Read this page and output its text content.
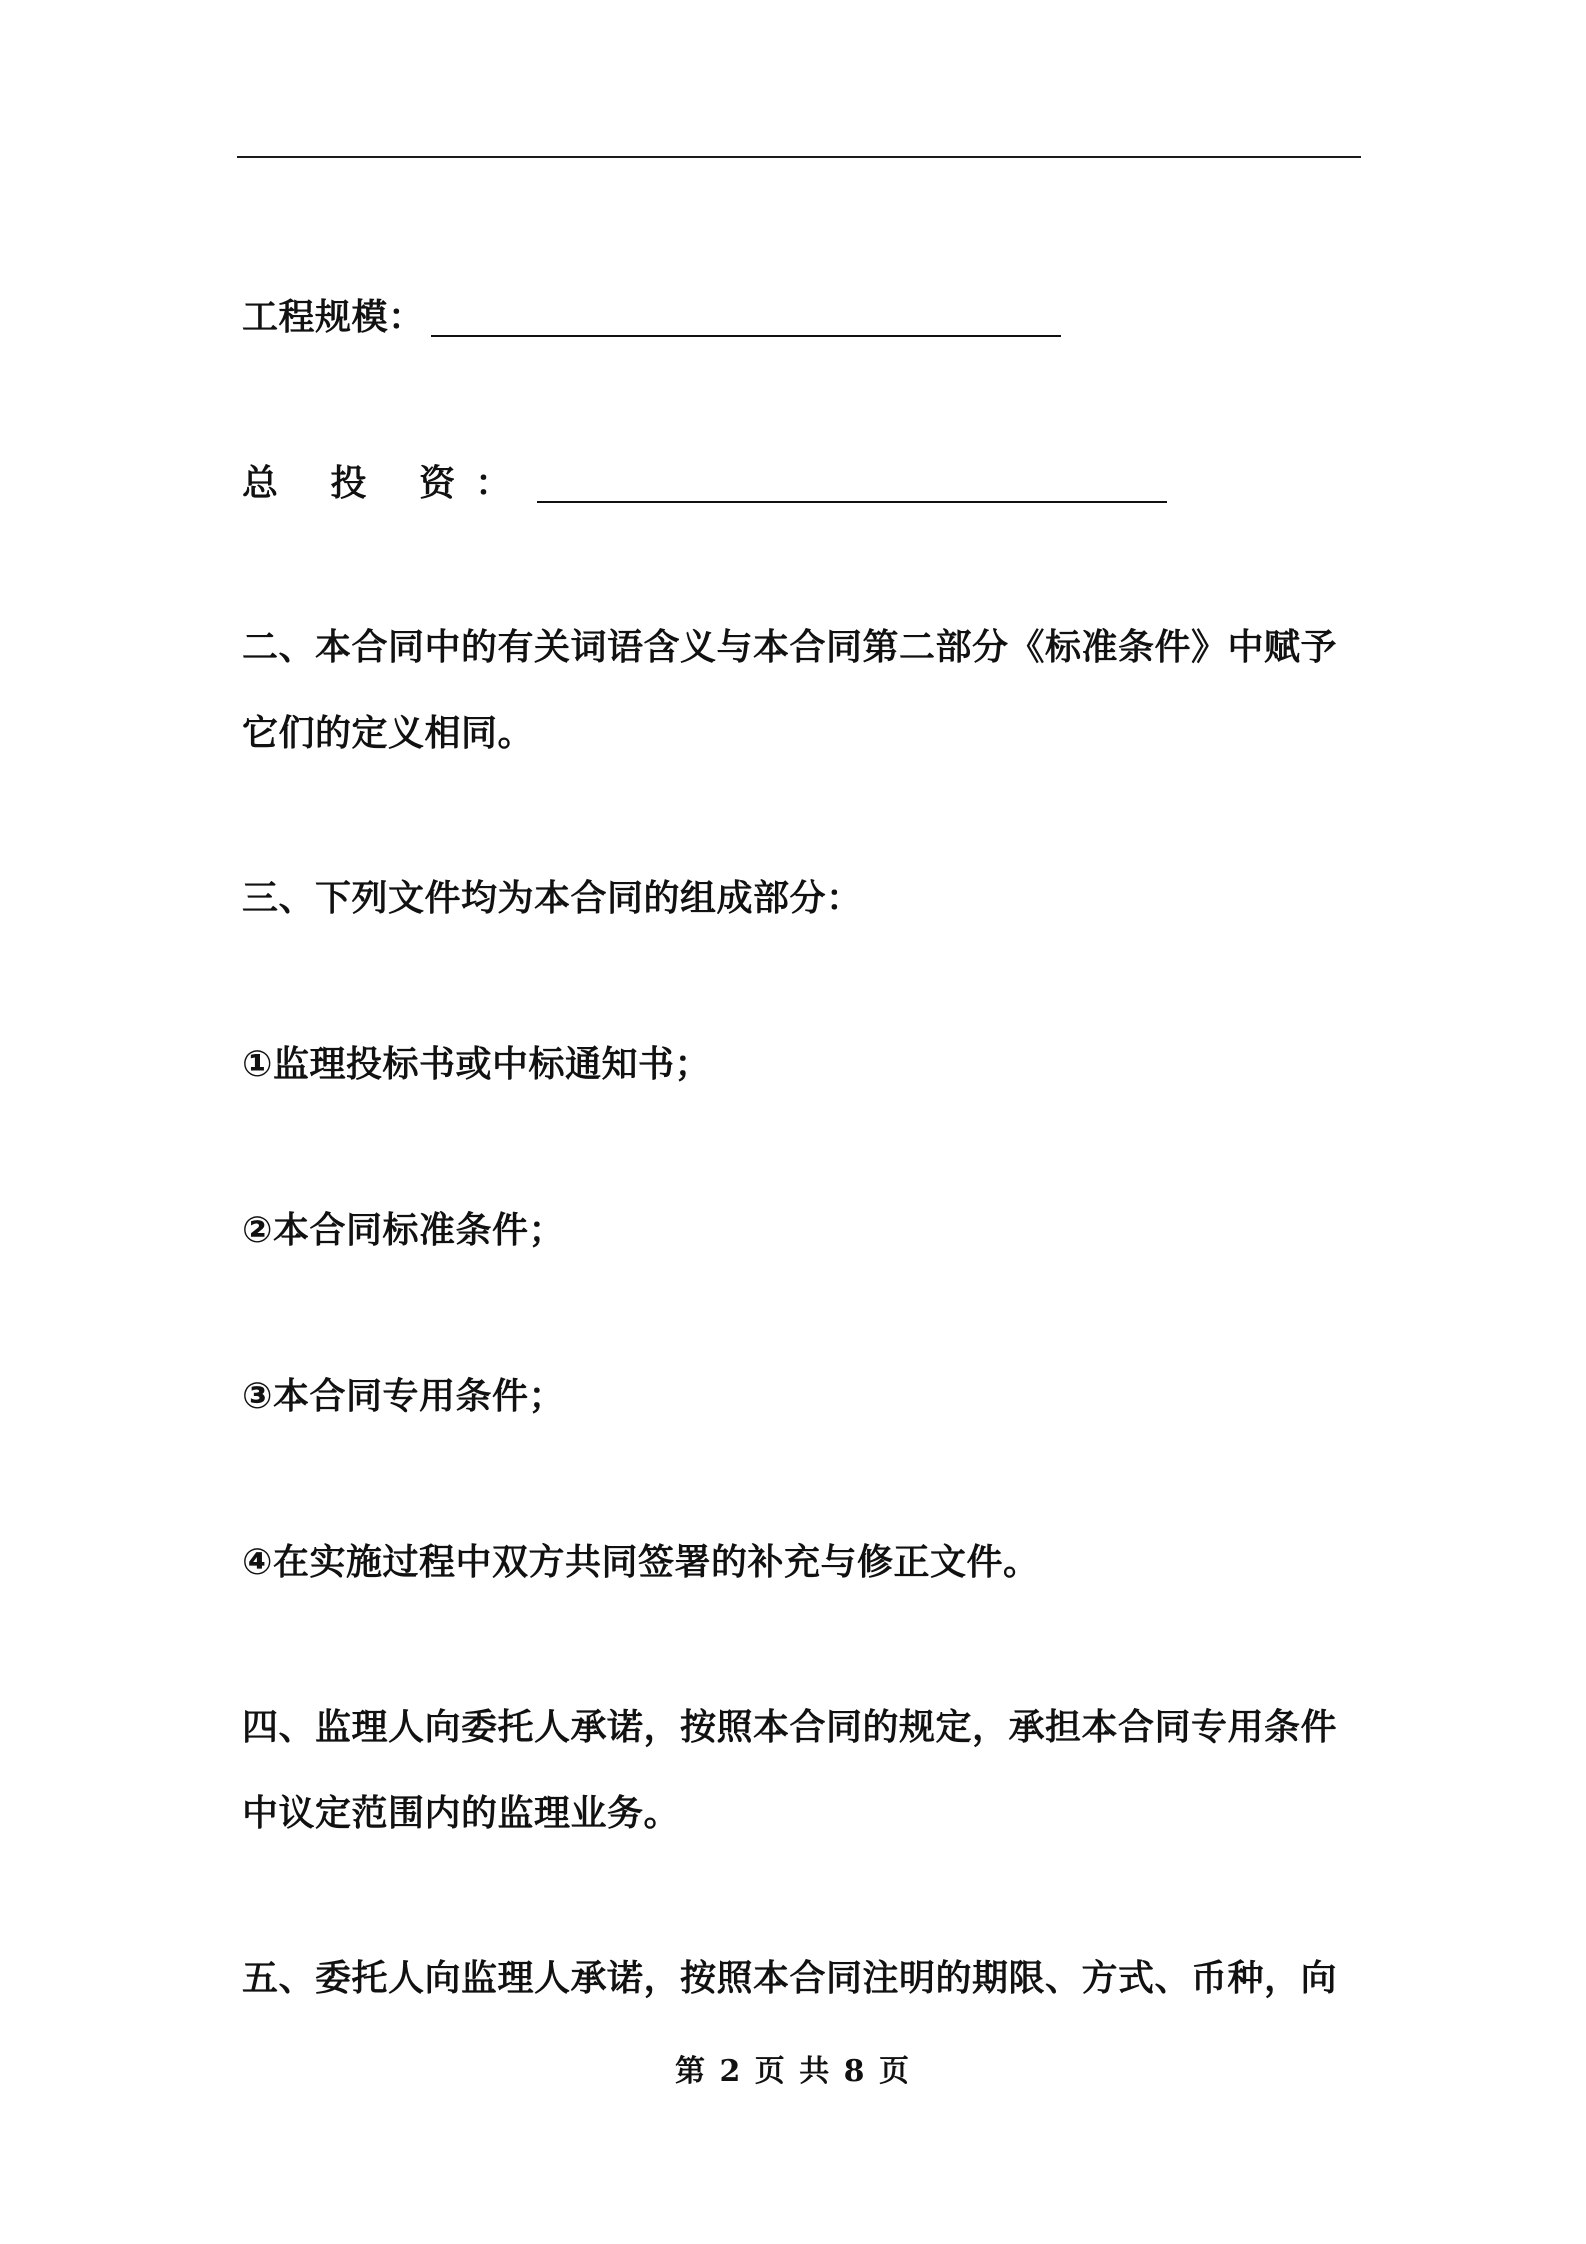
工程规模：
总 投 资：
二、本合同中的有关词语含义与本合同第二部分《标准条件》中赋予
它们的定义相同。
三、下列文件均为本合同的组成部分：
①监理投标书或中标通知书；
②本合同标准条件；
③本合同专用条件；
④在实施过程中双方共同签署的补充与修正文件。
四、监理人向委托人承诺，按照本合同的规定，承担本合同专用条件
中议定范围内的监理业务。
五、委托人向监理人承诺，按照本合同注明的期限、方式、币种，向
第 2 页 共 8 页
